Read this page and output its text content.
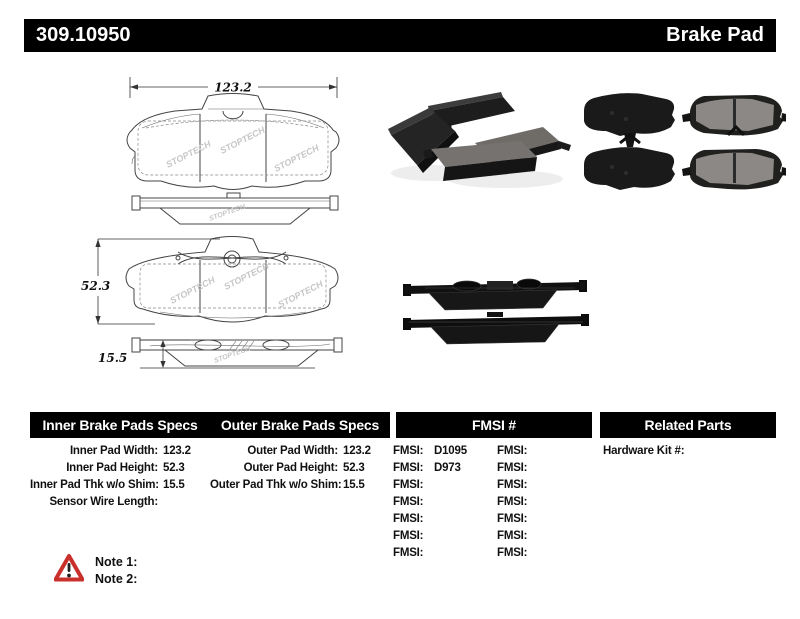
309.10950	Brake Pad
123.2
STOPTECH STOPTECH
STOPTECH
STOPTECH
STOPTECH STOPTECH
STOPTECH
52.3
STOPTECH
15.5
Inner Brake Pads Specs	Outer Brake Pads Specs	FMSI #	Related Parts
Inner Pad Width: 123.2
Inner Pad Height: 52.3
Inner Pad Thk w/o Shim: 15.5
Sensor Wire Length:
Outer Pad Width: 123.2
Outer Pad Height: 52.3
Outer Pad Thk w/o Shim: 15.5
FMSI: D1095
FMSI: D973
FMSI:
FMSI:
FMSI:
FMSI:
FMSI:
FMSI:
FMSI:
FMSI:
FMSI:
FMSI:
FMSI:
FMSI:
Hardware Kit #:
Note 1:
Note 2:
